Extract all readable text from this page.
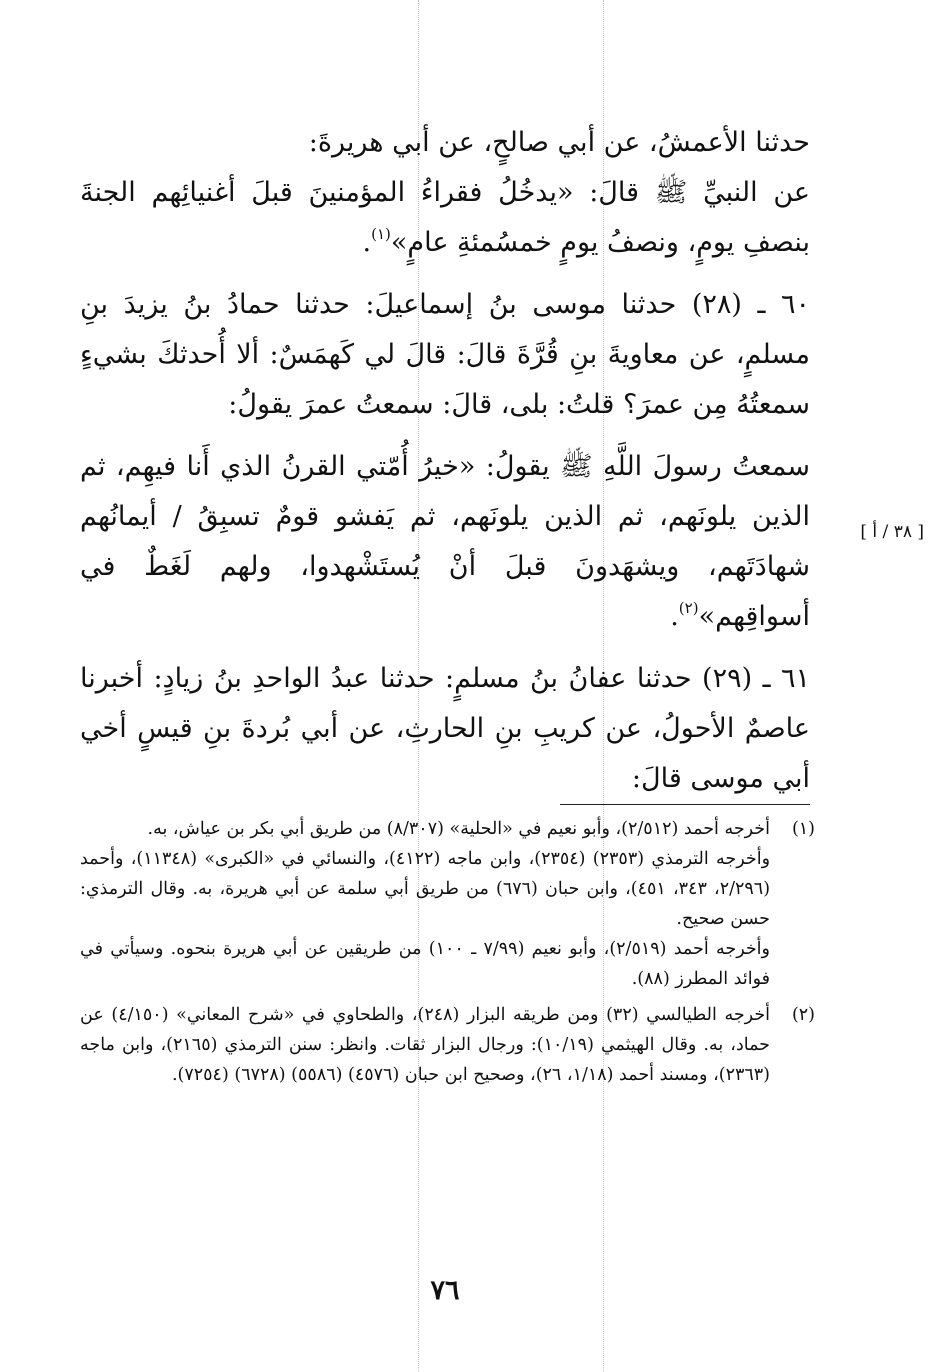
حدثنا الأعمشُ، عن أبي صالحٍ، عن أبي هريرةَ:

عن النبيِّ ﷺ قالَ: «يدخُلُ فقراءُ المؤمنينَ قبلَ أغنيائِهم الجنةَ بنصفِ يومٍ، ونصفُ يومٍ خمسُمئةِ عامٍ»$^{(١)}$.

٦٠ ـ (٢٨) حدثنا موسى بنُ إسماعيلَ: حدثنا حمادُ بنُ يزيدَ بنِ مسلمٍ، عن معاويةَ بنِ قُرَّةَ قالَ: قالَ لي كَهمَسٌ: ألا أُحدثكَ بشيءٍ سمعتُهُ مِن عمرَ؟ قلتُ: بلى، قالَ: سمعتُ عمرَ يقولُ:

سمعتُ رسولَ اللَّهِ ﷺ يقولُ: «خيرُ أُمّتي القرنُ الذي أَنا فيهِم، ثم الذين يلونَهم، ثم الذين يلونَهم، ثم يَفشو قومٌ تسبِقُ / أيمانُهم شهادَتَهم، ويشهَدونَ قبلَ أنْ يُستَشْهدوا، ولهم لَغَطٌ في أسواقِهم»$^{(٢)}$.

٦١ ـ (٢٩) حدثنا عفانُ بنُ مسلمٍ: حدثنا عبدُ الواحدِ بنُ زيادٍ: أخبرنا عاصمٌ الأحولُ، عن كريبِ بنِ الحارثِ، عن أبي بُردةَ بنِ قيسٍ أخي أبي موسى قالَ:

[ ٣٨ / أ ]
(١)

أخرجه أحمد (٢/٥١٢)، وأبو نعيم في «الحلية» (٨/٣٠٧) من طريق أبي بكر بن عياش، به.

وأخرجه الترمذي (٢٣٥٣) (٢٣٥٤)، وابن ماجه (٤١٢٢)، والنسائي في «الكبرى» (١١٣٤٨)، وأحمد (٢/٢٩٦، ٣٤٣، ٤٥١)، وابن حبان (٦٧٦) من طريق أبي سلمة عن أبي هريرة، به. وقال الترمذي: حسن صحيح.

وأخرجه أحمد (٢/٥١٩)، وأبو نعيم (٧/٩٩ ـ ١٠٠) من طريقين عن أبي هريرة بنحوه. وسيأتي في فوائد المطرز (٨٨).

(٢)

أخرجه الطيالسي (٣٢) ومن طريقه البزار (٢٤٨)، والطحاوي في «شرح المعاني» (٤/١٥٠) عن حماد، به. وقال الهيثمي (١٠/١٩): ورجال البزار ثقات. وانظر: سنن الترمذي (٢١٦٥)، وابن ماجه (٢٣٦٣)، ومسند أحمد (١/١٨، ٢٦)، وصحيح ابن حبان (٤٥٧٦) (٥٥٨٦) (٦٧٢٨) (٧٢٥٤).

٧٦
